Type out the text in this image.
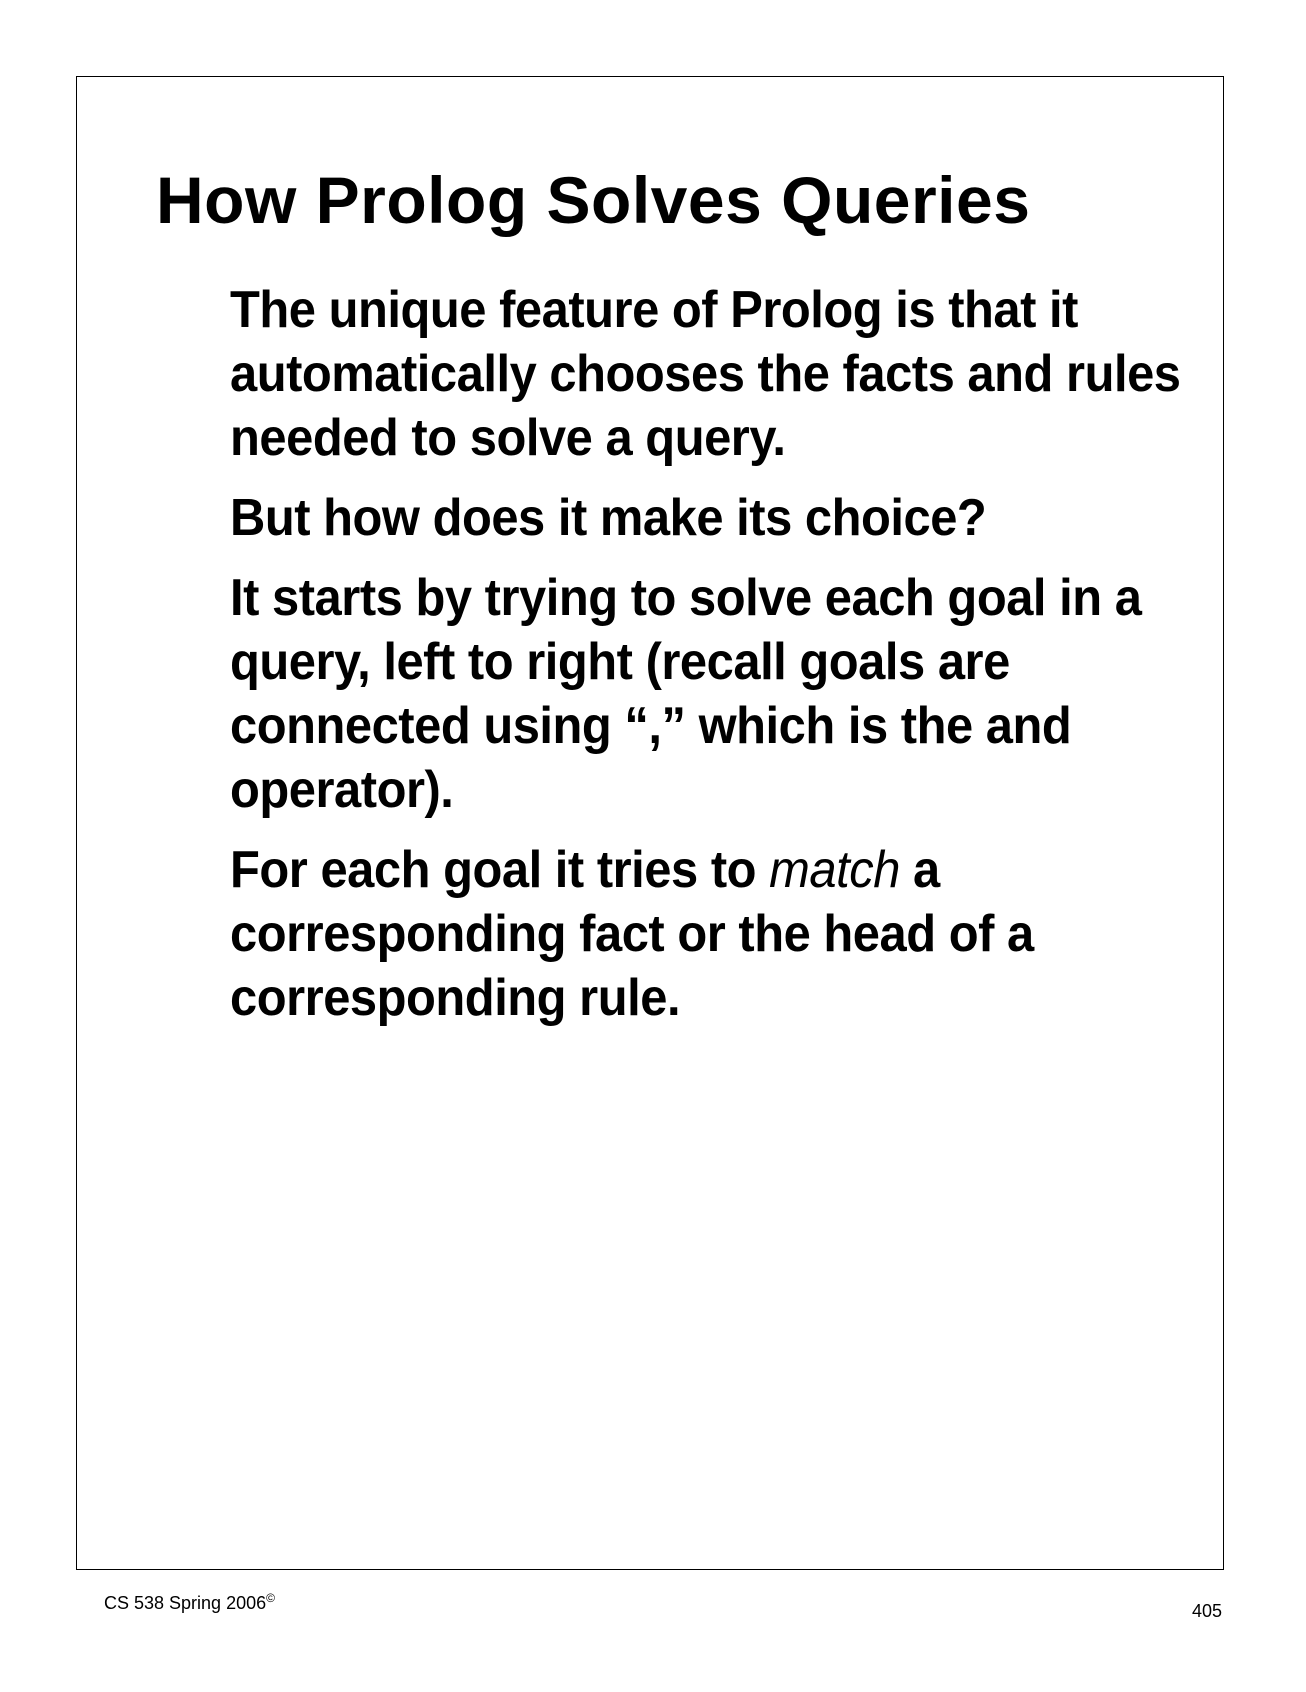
How Prolog Solves Queries

The unique feature of Prolog is that it automatically chooses the facts and rules needed to solve a query.

But how does it make its choice?

It starts by trying to solve each goal in a query, left to right (recall goals are connected using “,” which is the and operator).

For each goal it tries to match a corresponding fact or the head of a corresponding rule.

CS 538 Spring 2006©
405
